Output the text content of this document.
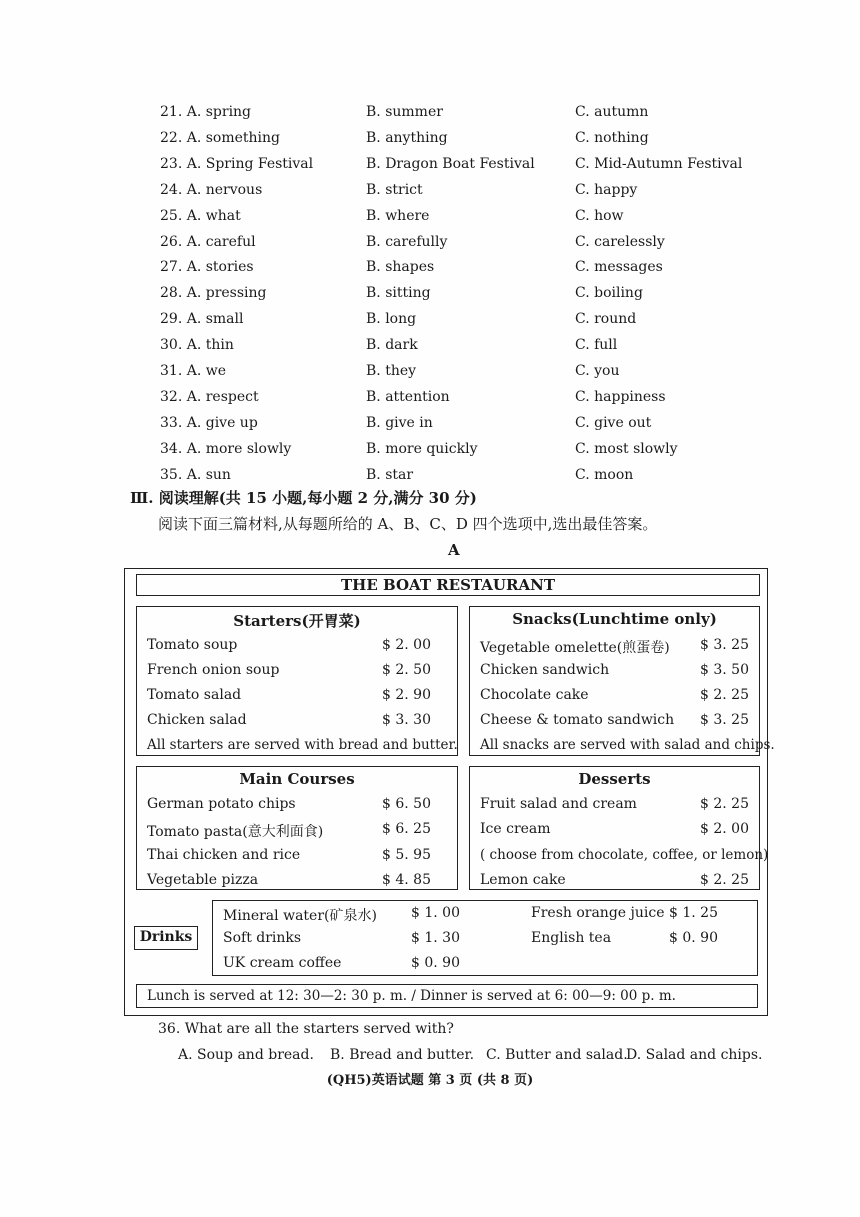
21. A. spring	B. summer	C. autumn
22. A. something	B. anything	C. nothing
23. A. Spring Festival	B. Dragon Boat Festival	C. Mid-Autumn Festival
24. A. nervous	B. strict	C. happy
25. A. what	B. where	C. how
26. A. careful	B. carefully	C. carelessly
27. A. stories	B. shapes	C. messages
28. A. pressing	B. sitting	C. boiling
29. A. small	B. long	C. round
30. A. thin	B. dark	C. full
31. A. we	B. they	C. you
32. A. respect	B. attention	C. happiness
33. A. give up	B. give in	C. give out
34. A. more slowly	B. more quickly	C. most slowly
35. A. sun	B. star	C. moon
Ⅲ. 阅读理解(共 15 小题,每小题 2 分,满分 30 分)
阅读下面三篇材料,从每题所给的 A、B、C、D 四个选项中,选出最佳答案。
A
THE BOAT RESTAURANT
Starters(开胃菜)
Tomato soup	$ 2. 00
French onion soup	$ 2. 50
Tomato salad	$ 2. 90
Chicken salad	$ 3. 30
All starters are served with bread and butter.
Snacks(Lunchtime only)
Vegetable omelette(煎蛋卷) $ 3. 25
Chicken sandwich	$ 3. 50
Chocolate cake	$ 2. 25
Cheese & tomato sandwich $ 3. 25
All snacks are served with salad and chips.
Main Courses
German potato chips	$ 6. 50
Tomato pasta(意大利面食)	$ 6. 25
Thai chicken and rice	$ 5. 95
Vegetable pizza	$ 4. 85
Desserts
Fruit salad and cream	$ 2. 25
Ice cream	$ 2. 00
( choose from chocolate, coffee, or lemon)
Lemon cake	$ 2. 25
Drinks
Mineral water(矿泉水) $ 1. 00
Soft drinks	$ 1. 30
UK cream coffee	$ 0. 90
Fresh orange juice $ 1. 25
English tea	$ 0. 90
Lunch is served at 12: 30—2: 30 p. m. / Dinner is served at 6: 00—9: 00 p. m.
36. What are all the starters served with?
A. Soup and bread. B. Bread and butter. C. Butter and salad.
D. Salad and chips.
(QH5)英语试题 第 3 页 (共 8 页)
